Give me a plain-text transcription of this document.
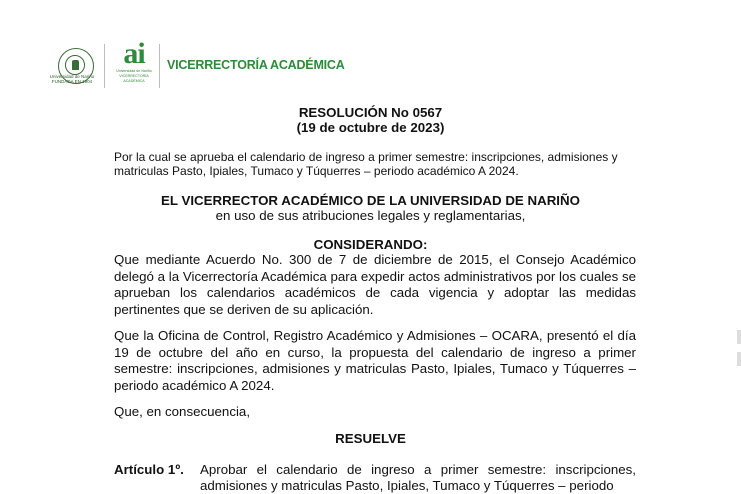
Universidad de Nariño
FUNDADA EN 1904
ai
Universidad de Nariño
VICERRECTORÍA ACADÉMICA
VICERRECTORÍA ACADÉMICA
RESOLUCIÓN No 0567
(19 de octubre de 2023)
Por la cual se aprueba el calendario de ingreso a primer semestre: inscripciones, admisiones y
matriculas Pasto, Ipiales, Tumaco y Túquerres – periodo académico A 2024.
EL VICERRECTOR ACADÉMICO DE LA UNIVERSIDAD DE NARIÑO
en uso de sus atribuciones legales y reglamentarias,
CONSIDERANDO:
Que mediante Acuerdo No. 300 de 7 de diciembre de 2015, el Consejo Académico delegó a la Vicerrectoría Académica para expedir actos administrativos por los cuales se aprueban los calendarios académicos de cada vigencia y adoptar las medidas pertinentes que se deriven de su aplicación.
Que la Oficina de Control, Registro Académico y Admisiones – OCARA, presentó el día 19 de octubre del año en curso, la propuesta del calendario de ingreso a primer semestre: inscripciones, admisiones y matriculas Pasto, Ipiales, Tumaco y Túquerres – periodo académico A 2024.
Que, en consecuencia,
RESUELVE
Artículo 1º. Aprobar el calendario de ingreso a primer semestre: inscripciones, admisiones y matriculas Pasto, Ipiales, Tumaco y Túquerres – periodo
